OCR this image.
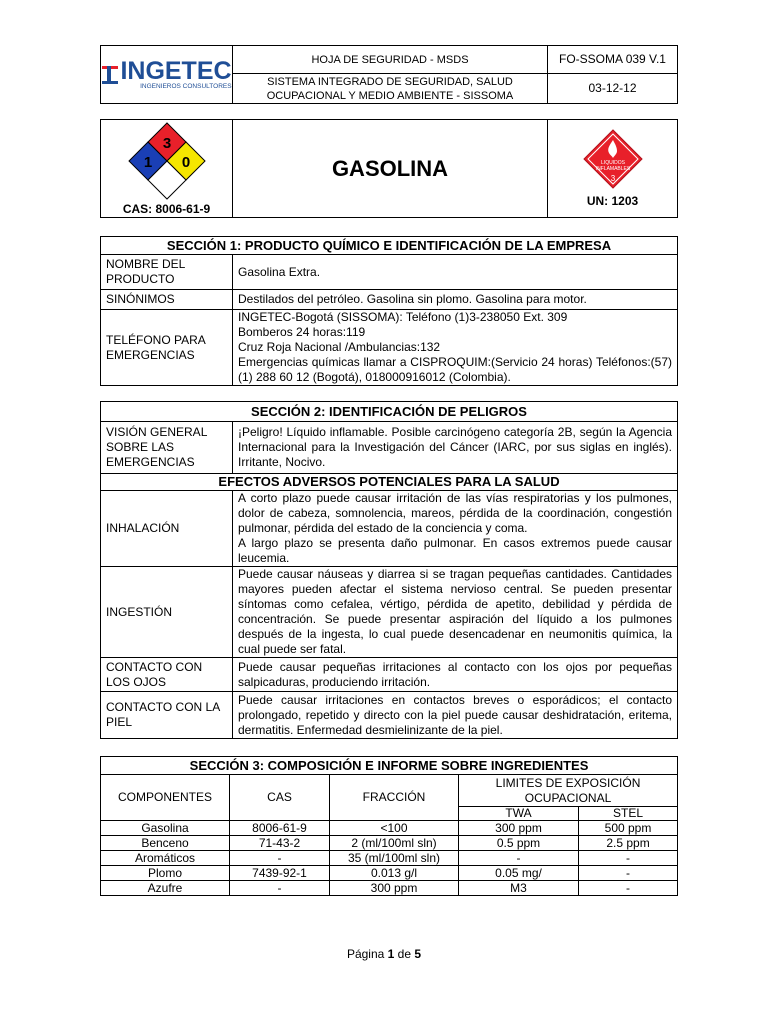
INGETEC
INGENIEROS CONSULTORES	HOJA DE SEGURIDAD - MSDS	FO-SSOMA 039 V.1
	SISTEMA INTEGRADO DE SEGURIDAD, SALUD OCUPACIONAL Y MEDIO AMBIENTE - SISSOMA	03-12-12
3
1 0
CAS: 8006-61-9
	GASOLINA	LIQUIDOS
INFLAMABLES
3
UN: 1203
SECCIÓN 1: PRODUCTO QUÍMICO E IDENTIFICACIÓN DE LA EMPRESA	
NOMBRE DEL PRODUCTO	Gasolina Extra.
SINÓNIMOS	Destilados del petróleo. Gasolina sin plomo. Gasolina para motor.
TELÉFONO PARA EMERGENCIAS	INGETEC-Bogotá (SISSOMA): Teléfono (1)3-238050 Ext. 309
Bomberos 24 horas:119
Cruz Roja Nacional /Ambulancias:132
Emergencias químicas llamar a CISPROQUIM:(Servicio 24 horas) Teléfonos:(57) (1) 288 60 12 (Bogotá), 018000916012 (Colombia).
SECCIÓN 2: IDENTIFICACIÓN DE PELIGROS	
VISIÓN GENERAL SOBRE LAS EMERGENCIAS	¡Peligro! Líquido inflamable. Posible carcinógeno categoría 2B, según la Agencia Internacional para la Investigación del Cáncer (IARC, por sus siglas en inglés). Irritante, Nocivo.
EFECTOS ADVERSOS POTENCIALES PARA LA SALUD	
INHALACIÓN	A corto plazo puede causar irritación de las vías respiratorias y los pulmones, dolor de cabeza, somnolencia, mareos, pérdida de la coordinación, congestión pulmonar, pérdida del estado de la conciencia y coma.
A largo plazo se presenta daño pulmonar. En casos extremos puede causar leucemia.

INGESTIÓN	Puede causar náuseas y diarrea si se tragan pequeñas cantidades. Cantidades mayores pueden afectar el sistema nervioso central. Se pueden presentar síntomas como cefalea, vértigo, pérdida de apetito, debilidad y pérdida de concentración. Se puede presentar aspiración del líquido a los pulmones después de la ingesta, lo cual puede desencadenar en neumonitis química, la cual puede ser fatal.
CONTACTO CON LOS OJOS	Puede causar pequeñas irritaciones al contacto con los ojos por pequeñas salpicaduras, produciendo irritación.
CONTACTO CON LA PIEL	Puede causar irritaciones en contactos breves o esporádicos; el contacto prolongado, repetido y directo con la piel puede causar deshidratación, eritema, dermatitis. Enfermedad desmielinizante de la piel.
SECCIÓN 3: COMPOSICIÓN E INFORME SOBRE INGREDIENTES				
COMPONENTES	CAS	FRACCIÓN	LIMITES DE EXPOSICIÓN OCUPACIONAL	
			TWA	STEL
Gasolina	8006-61-9	<100	300 ppm	500 ppm
Benceno	71-43-2	2 (ml/100ml sln)	0.5 ppm	2.5 ppm
Aromáticos	-	35 (ml/100ml sln)	-	-
Plomo	7439-92-1	0.013 g/l	0.05 mg/	-
Azufre	-	300 ppm	M3	-
Página 1 de 5
